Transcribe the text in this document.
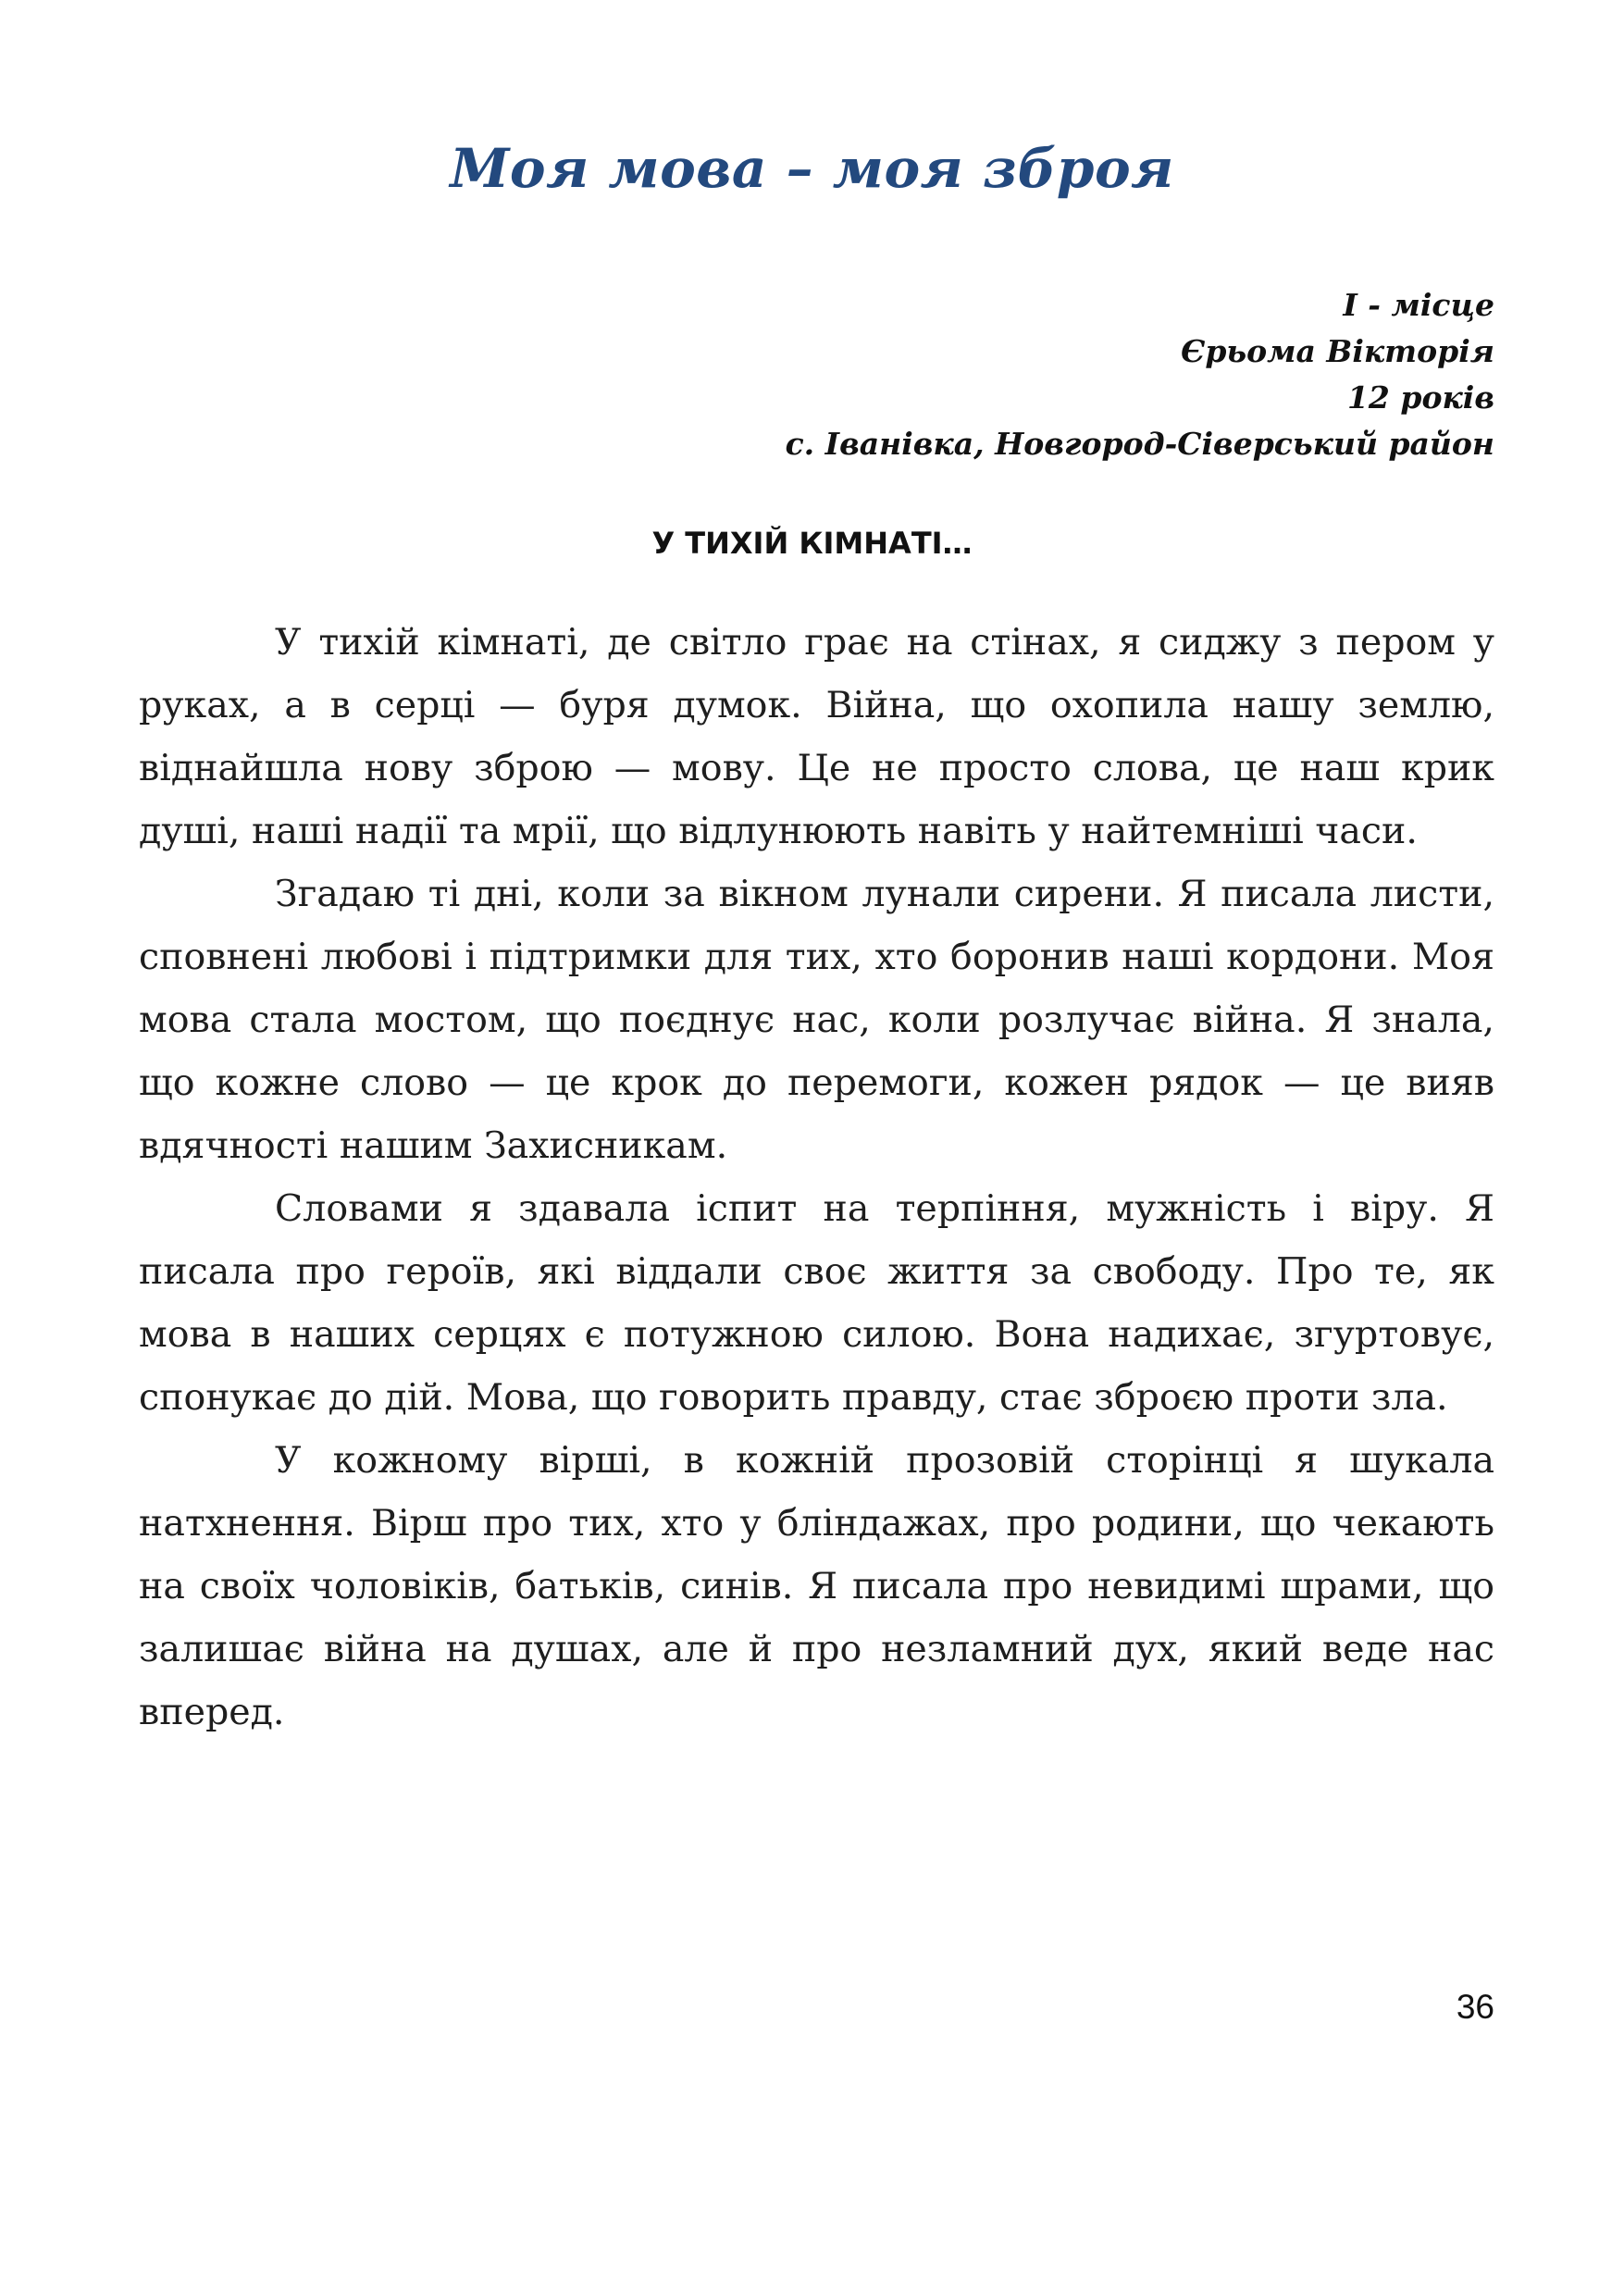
Моя мова – моя зброя
І - місце
Єрьома Вікторія
12 років
с. Іванівка, Новгород-Сіверський район
У ТИХІЙ КІМНАТІ…

У тихій кімнаті, де світло грає на стінах, я сиджу з пером у руках, а в серці — буря думок. Війна, що охопила нашу землю, віднайшла нову зброю — мову. Це не просто слова, це наш крик душі, наші надії та мрії, що відлунюють навіть у найтемніші часи.

Згадаю ті дні, коли за вікном лунали сирени. Я писала листи, сповнені любові і підтримки для тих, хто боронив наші кордони. Моя мова стала мостом, що поєднує нас, коли розлучає війна. Я знала, що кожне слово — це крок до перемоги, кожен рядок — це вияв вдячності нашим Захисникам.

Словами я здавала іспит на терпіння, мужність і віру. Я писала про героїв, які віддали своє життя за свободу. Про те, як мова в наших серцях є потужною силою. Вона надихає, згуртовує, спонукає до дій. Мова, що говорить правду, стає зброєю проти зла.

У кожному вірші, в кожній прозовій сторінці я шукала натхнення. Вірш про тих, хто у бліндажах, про родини, що чекають на своїх чоловіків, батьків, синів. Я писала про невидимі шрами, що залишає війна на душах, але й про незламний дух, який веде нас вперед.

36
